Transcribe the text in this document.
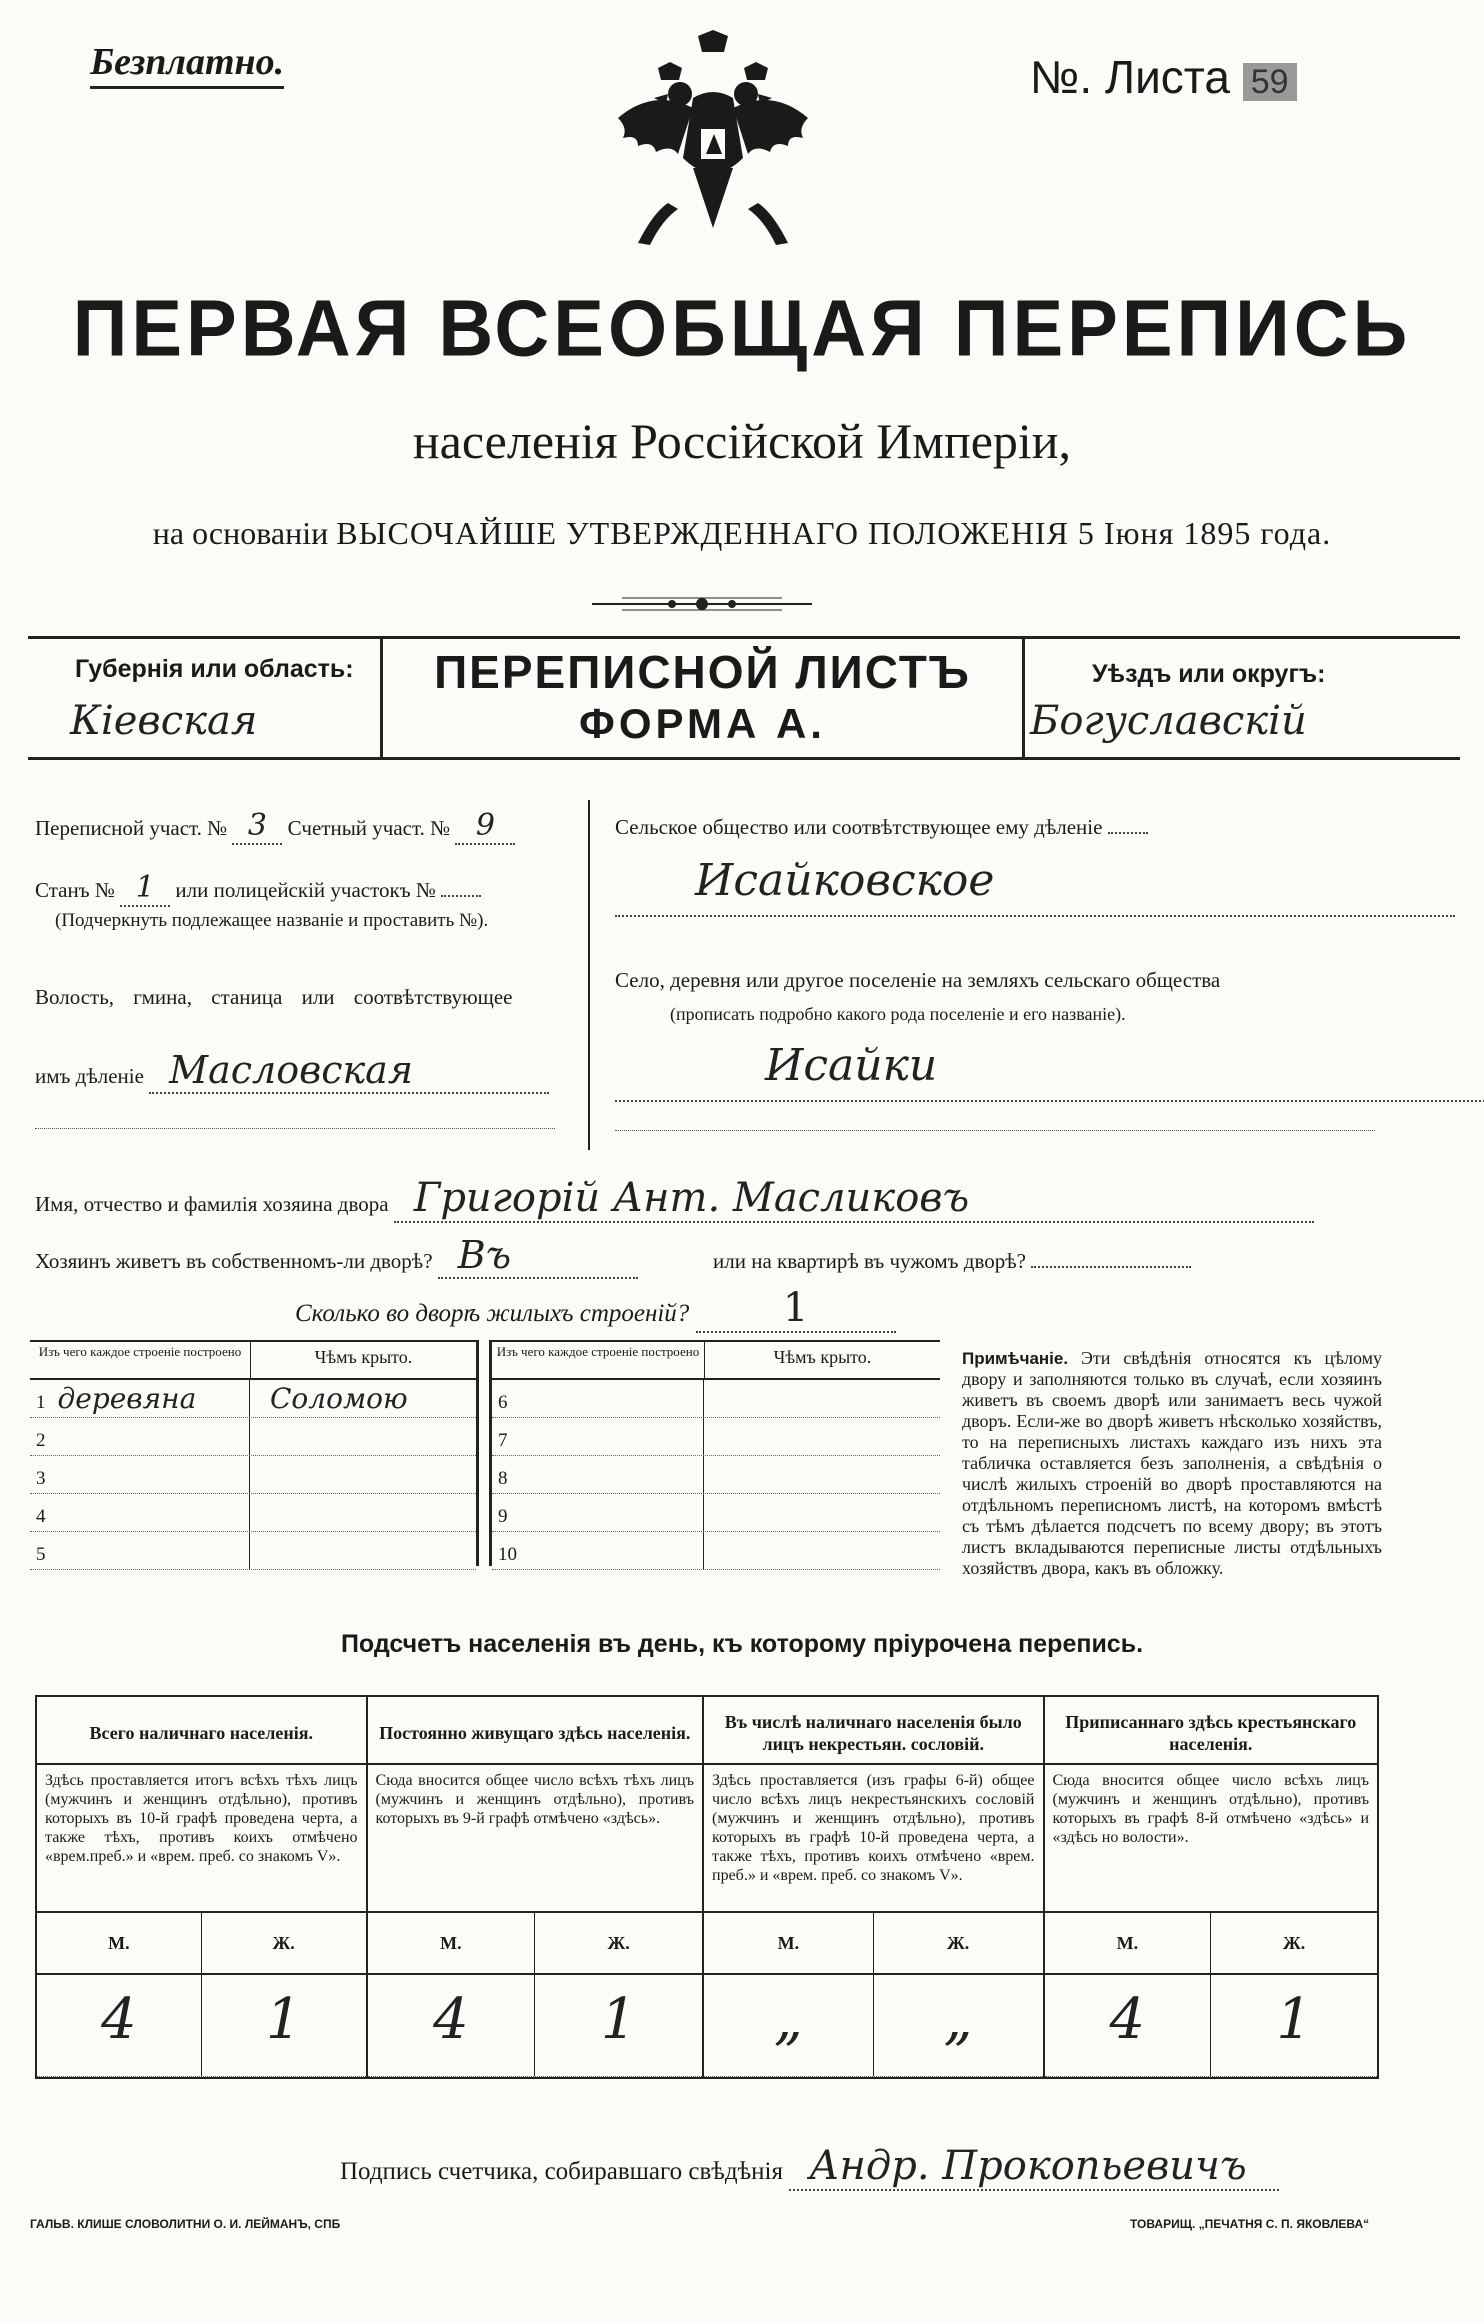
Безплатно.	№. Листа 59
ПЕРВАЯ ВСЕОБЩАЯ ПЕРЕПИСЬ
населенія Россійской Имперіи,
на основаніи ВЫСОЧАЙШЕ УТВЕРЖДЕННАГО ПОЛОЖЕНІЯ 5 Іюня 1895 года.
Губернія или область:
Кіевская
ПЕРЕПИСНОЙ ЛИСТЪ
ФОРМА А.
Уѣздъ или округъ:
Богуславскій
Переписной участ. № 3 Счетный участ. № 9
Станъ № 1 или полицейскій участокъ №
(Подчеркнуть подлежащее названіе и проставить №).
Волость, гмина, станица или соотвѣтствующее
имъ дѣленіе Масловская
Сельское общество или соотвѣтствующее ему дѣленіе
Исайковское
Село, деревня или другое поселеніе на земляхъ сельскаго общества
(прописать подробно какого рода поселеніе и его названіе).
Исайки
Имя, отчество и фамилія хозяина двора Григорій Ант. Масликовъ
Хозяинъ живетъ въ собственномъ-ли дворѣ? Въ	или на квартирѣ въ чужомъ дворѣ?
Сколько во дворѣ жилыхъ строеній? 1
Изъ чего каждое строеніе построено	Чѣмъ крыто.
1 деревяна	Соломою
2
3
4
5
Изъ чего каждое строеніе построено	Чѣмъ крыто.
6
7
8
9
10
Примѣчаніе. Эти свѣдѣнія относятся къ цѣлому двору и заполняются только въ случаѣ, если хозяинъ живетъ въ своемъ дворѣ или занимаетъ весь чужой дворъ. Если-же во дворѣ живетъ нѣсколько хозяйствъ, то на переписныхъ листахъ каждаго изъ нихъ эта табличка оставляется безъ заполненія, а свѣдѣнія о числѣ жилыхъ строеній во дворѣ проставляются на отдѣльномъ переписномъ листѣ, на которомъ вмѣстѣ съ тѣмъ дѣлается подсчетъ по всему двору; въ этотъ листъ вкладываются переписные листы отдѣльныхъ хозяйствъ двора, какъ въ обложку.
Подсчетъ населенія въ день, къ которому пріурочена перепись.
Всего наличнаго населенія.
Здѣсь проставляется итогъ всѣхъ тѣхъ лицъ (мужчинъ и женщинъ отдѣльно), противъ которыхъ въ 10-й графѣ проведена черта, а также тѣхъ, противъ коихъ отмѣчено «врем.преб.» и «врем. преб. со знакомъ V».
М.	Ж.
4	1
Постоянно живущаго здѣсь населенія.
Сюда вносится общее число всѣхъ тѣхъ лицъ (мужчинъ и женщинъ отдѣльно), противъ которыхъ въ 9-й графѣ отмѣчено «здѣсь».
М.	Ж.
4	1
Въ числѣ наличнаго населенія было лицъ некрестьян. сословій.
Здѣсь проставляется (изъ графы 6-й) общее число всѣхъ лицъ некрестьянскихъ сословій (мужчинъ и женщинъ отдѣльно), противъ которыхъ въ графѣ 10-й проведена черта, а также тѣхъ, противъ коихъ отмѣчено «врем. преб.» и «врем. преб. со знакомъ V».
М.	Ж.
„	„
Приписаннаго здѣсь крестьянскаго населенія.
Сюда вносится общее число всѣхъ лицъ (мужчинъ и женщинъ отдѣльно), противъ которыхъ въ графѣ 8-й отмѣчено «здѣсь» и «здѣсь но волости».
М.	Ж.
4	1
Подпись счетчика, собиравшаго свѣдѣнія Андр. Прокопьевичъ
ГАЛЬВ. КЛИШЕ СЛОВОЛИТНИ О. И. ЛЕЙМАНЪ, СПБ	ТОВАРИЩ. „ПЕЧАТНЯ С. П. ЯКОВЛЕВА“
